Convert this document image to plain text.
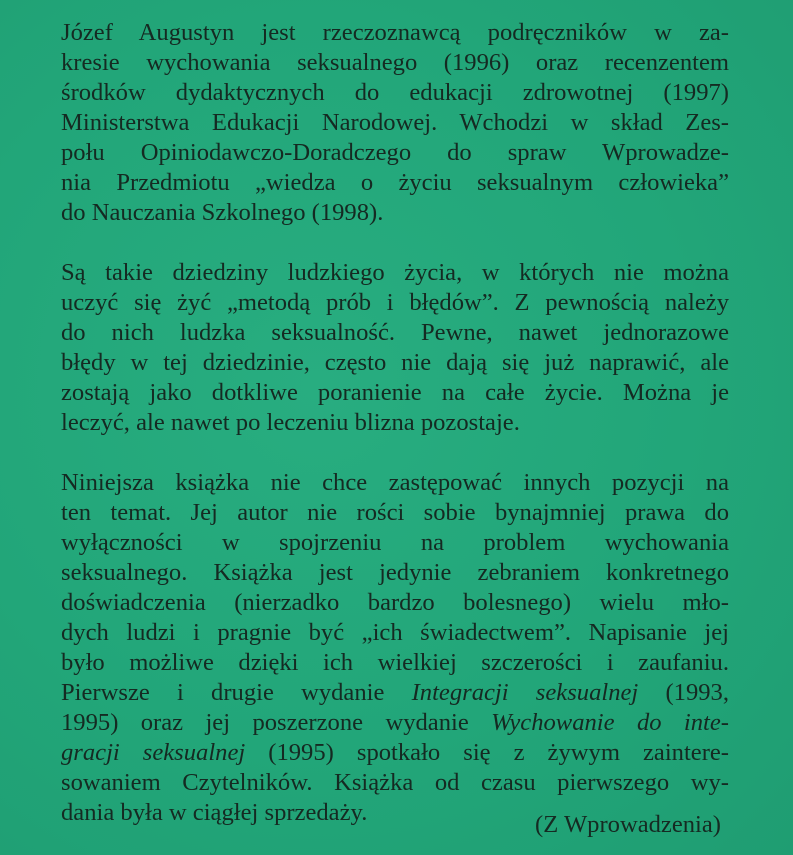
Józef Augustyn jest rzeczoznawcą podręczników w za-
kresie wychowania seksualnego (1996) oraz recenzentem
środków dydaktycznych do edukacji zdrowotnej (1997)
Ministerstwa Edukacji Narodowej. Wchodzi w skład Zes-
połu Opiniodawczo-Doradczego do spraw Wprowadze-
nia Przedmiotu „wiedza o życiu seksualnym człowieka”
do Nauczania Szkolnego (1998).

Są takie dziedziny ludzkiego życia, w których nie można
uczyć się żyć „metodą prób i błędów”. Z pewnością należy
do nich ludzka seksualność. Pewne, nawet jednorazowe
błędy w tej dziedzinie, często nie dają się już naprawić, ale
zostają jako dotkliwe poranienie na całe życie. Można je
leczyć, ale nawet po leczeniu blizna pozostaje.

Niniejsza książka nie chce zastępować innych pozycji na
ten temat. Jej autor nie rości sobie bynajmniej prawa do
wyłączności w spojrzeniu na problem wychowania
seksualnego. Książka jest jedynie zebraniem konkretnego
doświadczenia (nierzadko bardzo bolesnego) wielu mło-
dych ludzi i pragnie być „ich świadectwem”. Napisanie jej
było możliwe dzięki ich wielkiej szczerości i zaufaniu.
Pierwsze i drugie wydanie Integracji seksualnej (1993,
1995) oraz jej poszerzone wydanie Wychowanie do inte-
gracji seksualnej (1995) spotkało się z żywym zaintere-
sowaniem Czytelników. Książka od czasu pierwszego wy-
dania była w ciągłej sprzedaży.	(Z Wprowadzenia)
